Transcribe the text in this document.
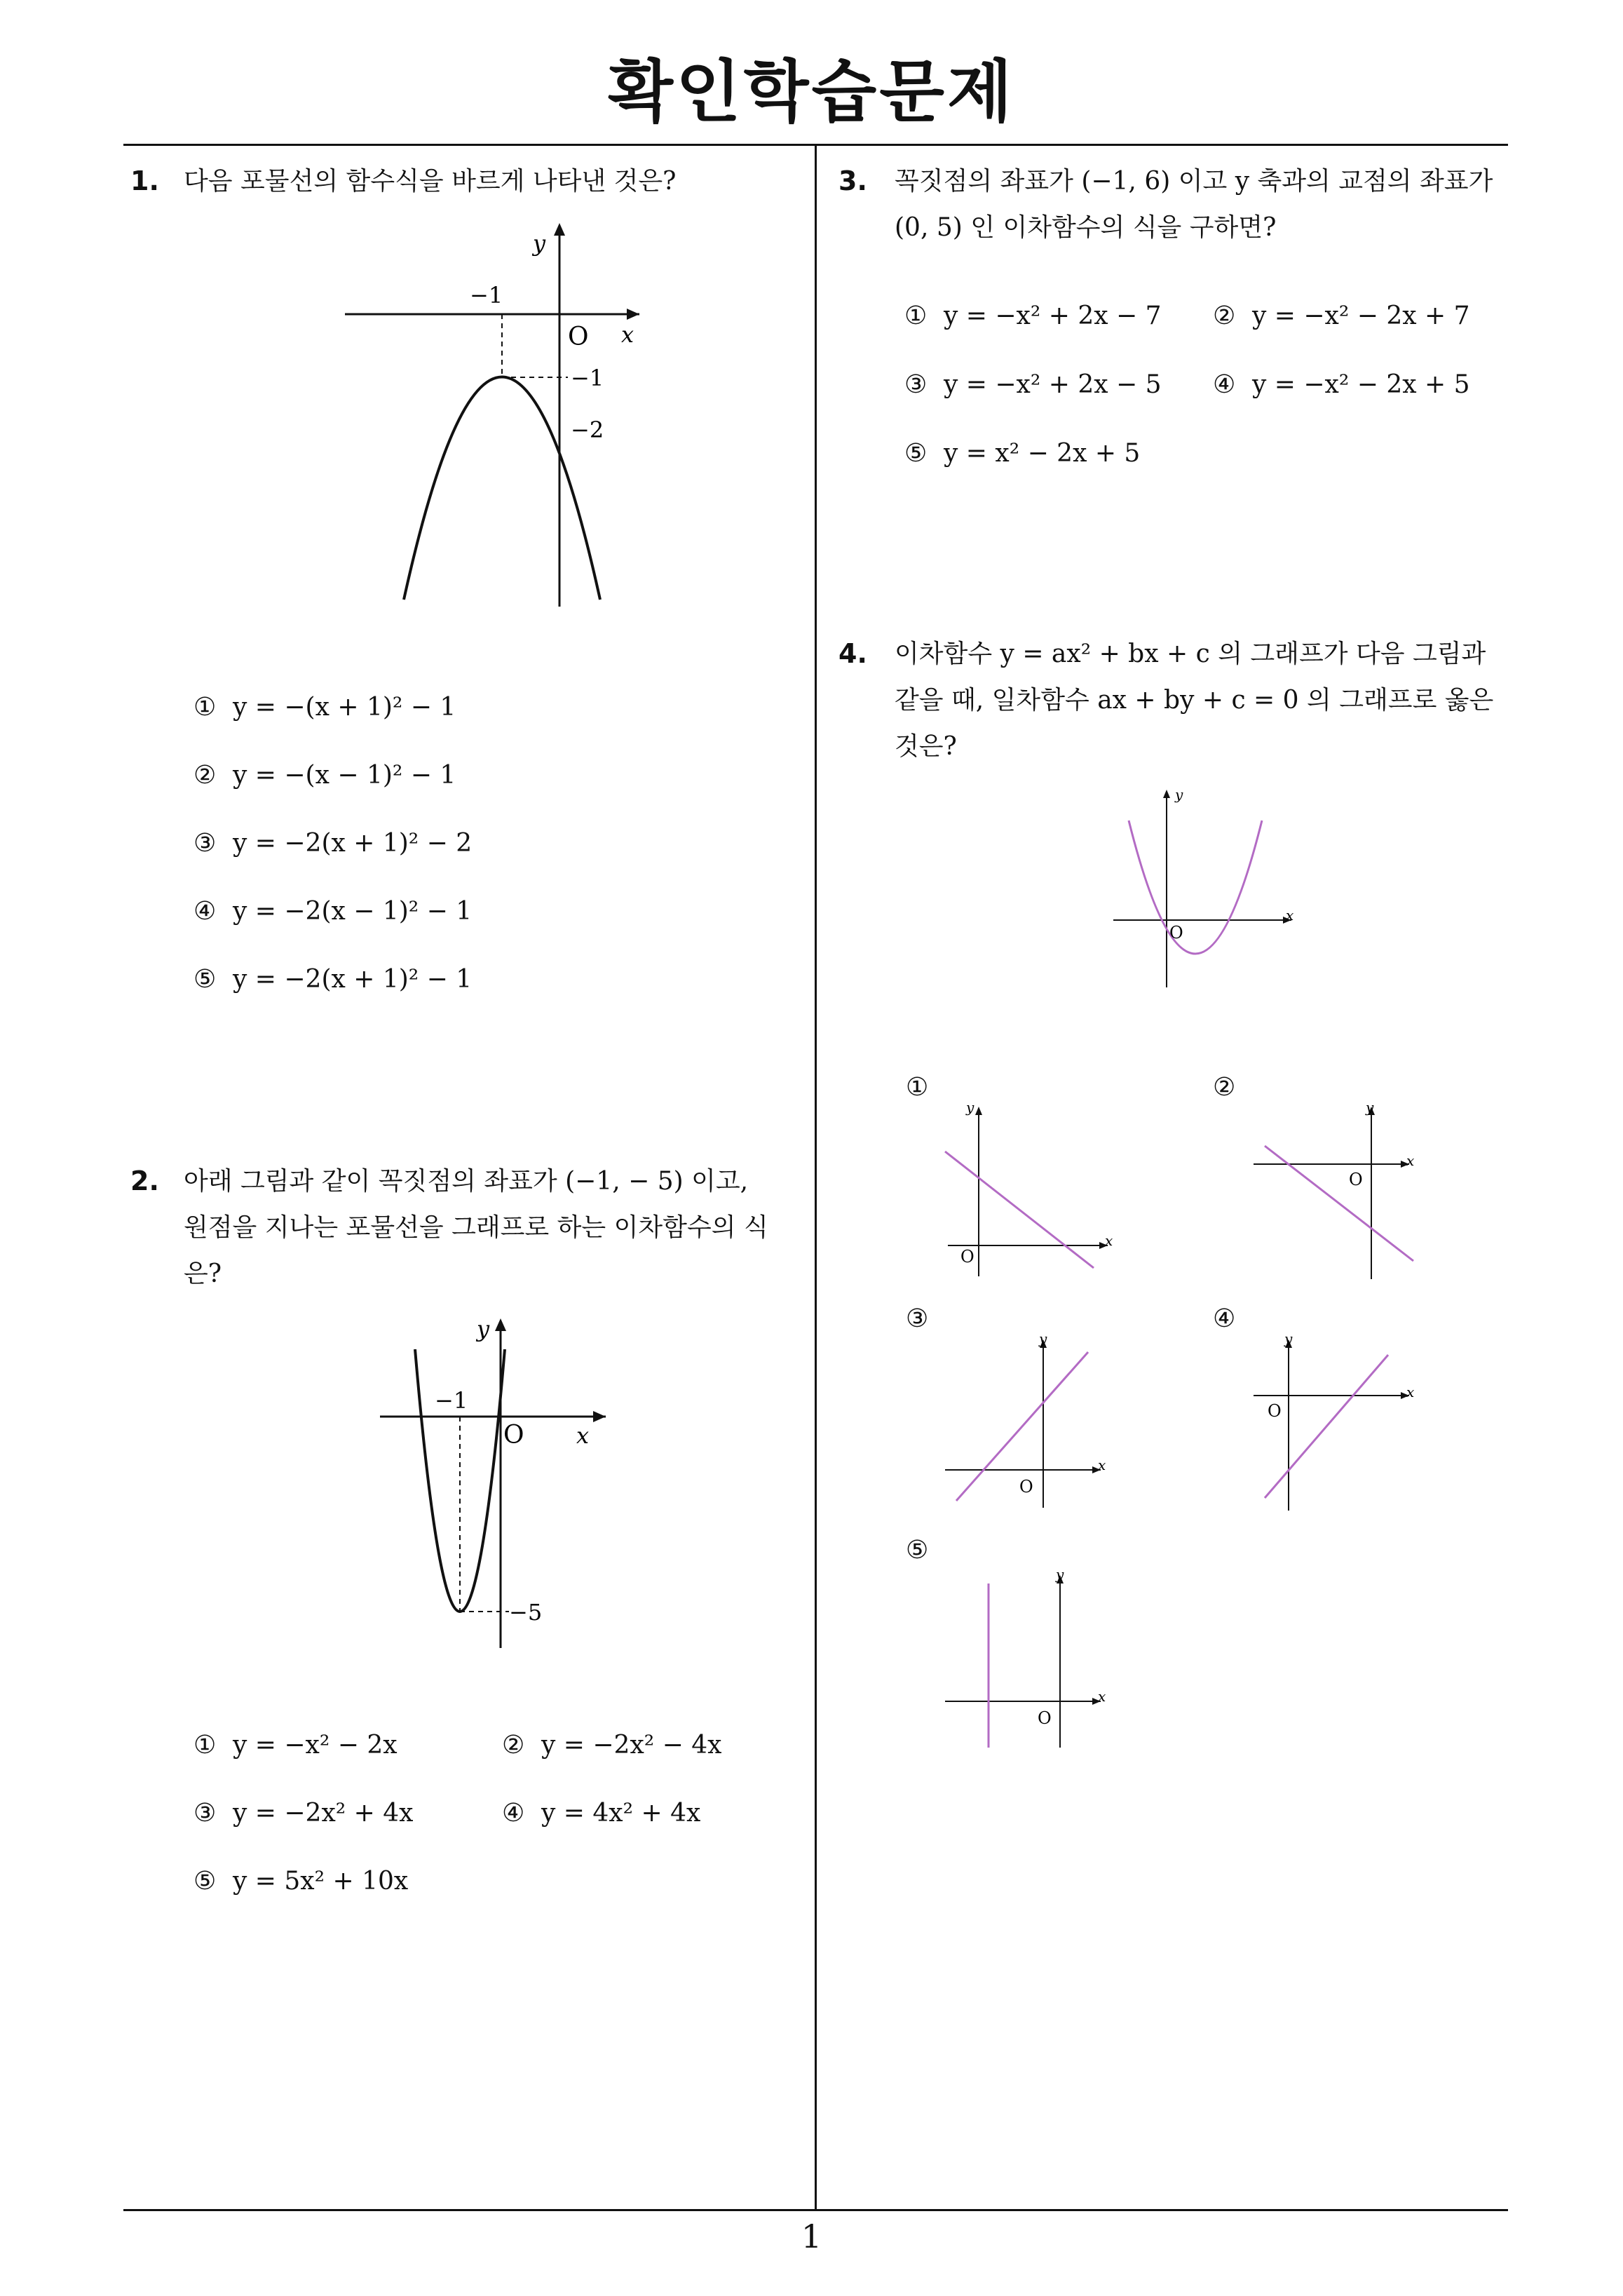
확인학습문제
1
1. 다음 포물선의 함수식을 바르게 나타낸 것은?
y
x
O
−1
−1
−2
① y = −(x + 1)² − 1
② y = −(x − 1)² − 1
③ y = −2(x + 1)² − 2
④ y = −2(x − 1)² − 1
⑤ y = −2(x + 1)² − 1
2. 아래 그림과 같이 꼭짓점의 좌표가 (−1, − 5) 이고,
원점을 지나는 포물선을 그래프로 하는 이차함수의 식
은?
y
x
O
−1
−5
① y = −x² − 2x	② y = −2x² − 4x
③ y = −2x² + 4x	④ y = 4x² + 4x
⑤ y = 5x² + 10x
3. 꼭짓점의 좌표가 (−1, 6) 이고 y 축과의 교점의 좌표가
(0, 5) 인 이차함수의 식을 구하면?
① y = −x² + 2x − 7 ② y = −x² − 2x + 7
③ y = −x² + 2x − 5 ④ y = −x² − 2x + 5
⑤ y = x² − 2x + 5
4. 이차함수 y = ax² + bx + c 의 그래프가 다음 그림과
같을 때, 일차함수 ax + by + c = 0 의 그래프로 옳은
것은?
y
x
O
①	②
③	④
⑤
y
x
O
y
x
O
y
x
O
y
x
O
y
x
O
